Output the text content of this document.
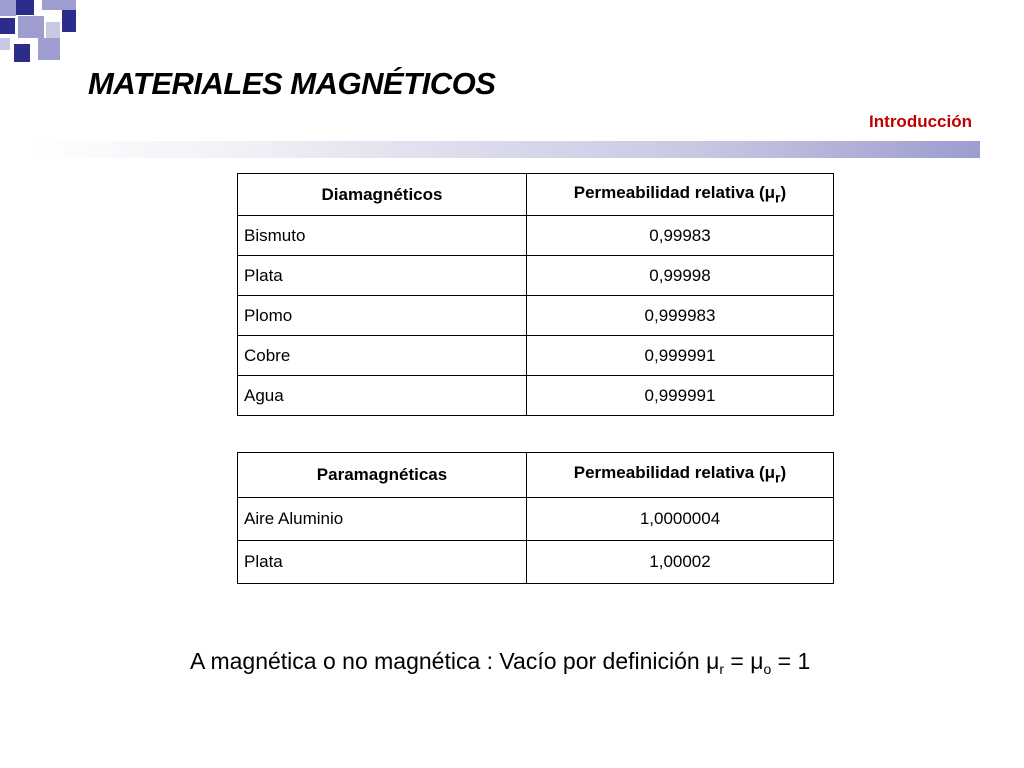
MATERIALES MAGNÉTICOS
Introducción
Diamagnéticos	Permeabilidad relativa $(\mu_r)$
Bismuto	0,99983
Plata	0,99998
Plomo	0,999983
Cobre	0,999991
Agua	0,999991
Paramagnéticas	Permeabilidad relativa $(\mu_r)$
Aire Aluminio	1,0000004
Plata	1,00002
A magnética o no magnética : Vacío por definición $\mu_r = \mu_o = 1$
